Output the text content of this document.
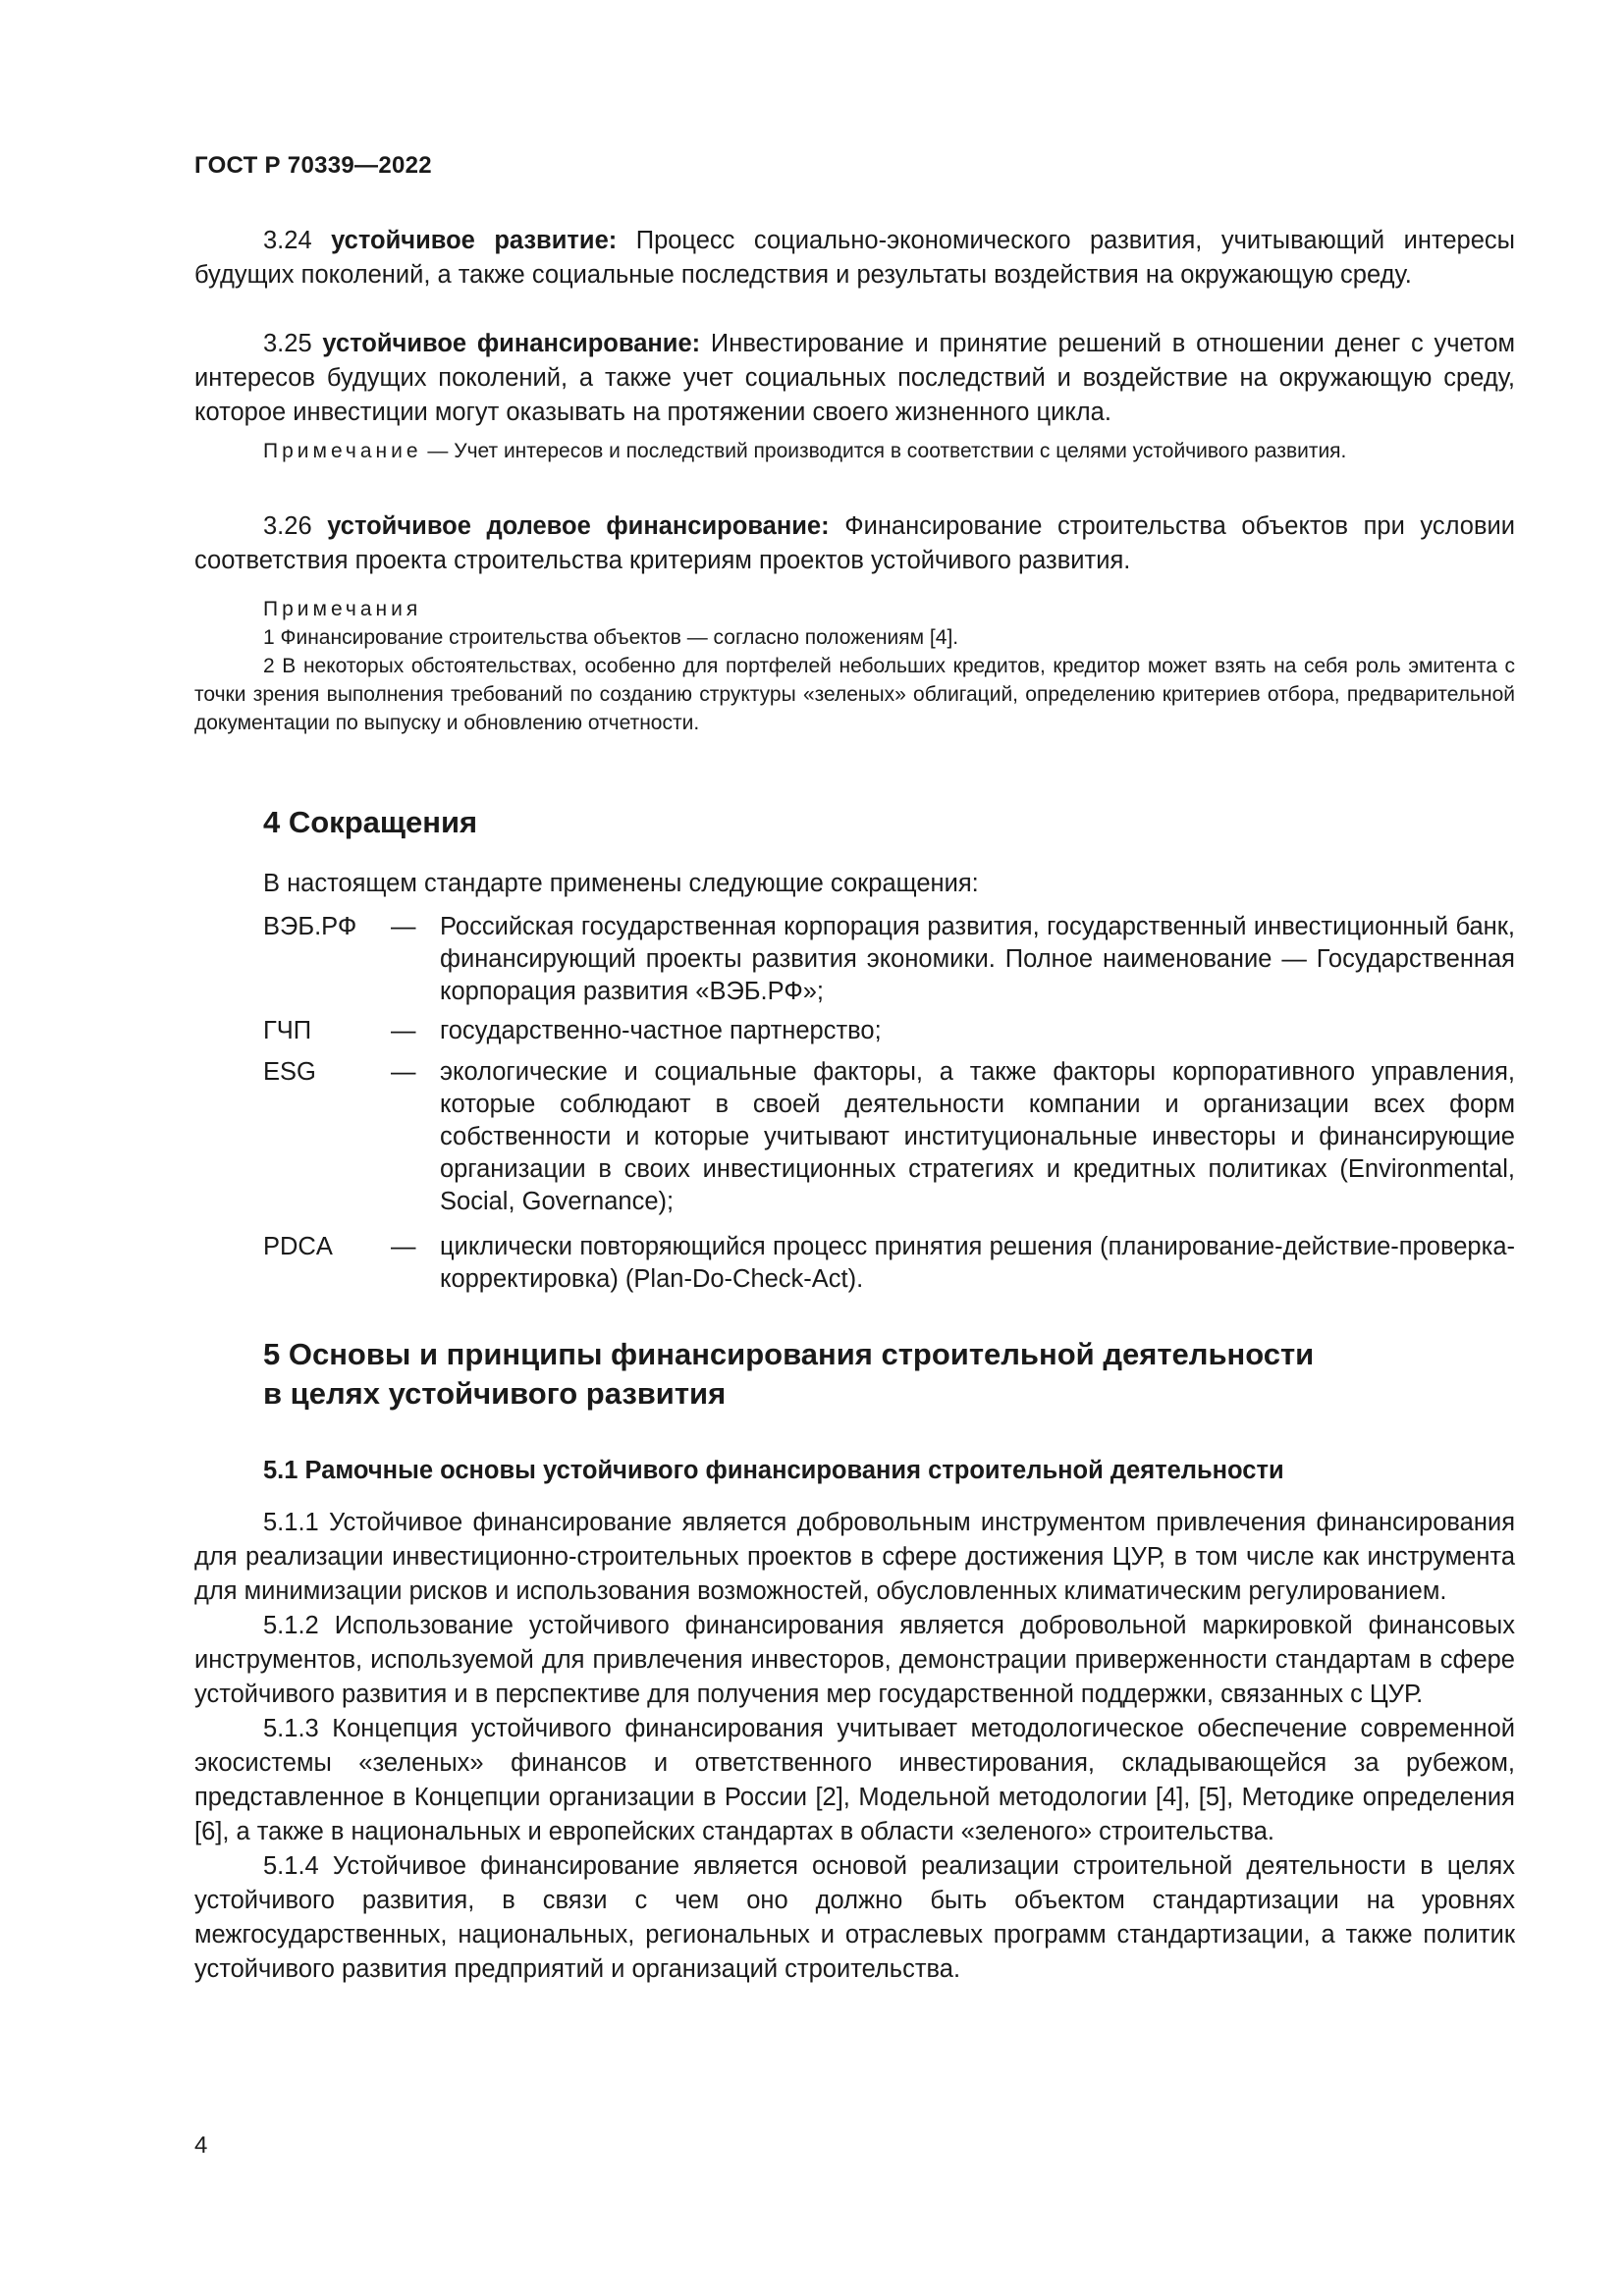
ГОСТ Р 70339—2022

3.24 устойчивое развитие: Процесс социально-экономического развития, учитывающий интересы будущих поколений, а также социальные последствия и результаты воздействия на окружающую среду.

3.25 устойчивое финансирование: Инвестирование и принятие решений в отношении денег с учетом интересов будущих поколений, а также учет социальных последствий и воздействие на окружающую среду, которое инвестиции могут оказывать на протяжении своего жизненного цикла.

Примечание — Учет интересов и последствий производится в соответствии с целями устойчивого развития.

3.26 устойчивое долевое финансирование: Финансирование строительства объектов при условии соответствия проекта строительства критериям проектов устойчивого развития.

Примечания

1 Финансирование строительства объектов — согласно положениям [4].

2 В некоторых обстоятельствах, особенно для портфелей небольших кредитов, кредитор может взять на себя роль эмитента с точки зрения выполнения требований по созданию структуры «зеленых» облигаций, определению критериев отбора, предварительной документации по выпуску и обновлению отчетности.

4 Сокращения

В настоящем стандарте применены следующие сокращения:

ВЭБ.РФ	— Российская государственная корпорация развития, государственный инвестиционный банк, финансирующий проекты развития экономики. Полное наименование — Государственная корпорация развития «ВЭБ.РФ»;
ГЧП	— государственно-частное партнерство;
ESG	— экологические и социальные факторы, а также факторы корпоративного управления, которые соблюдают в своей деятельности компании и организации всех форм собственности и которые учитывают институциональные инвесторы и финансирующие организации в своих инвестиционных стратегиях и кредитных политиках (Environmental, Social, Governance);
PDCA	— циклически повторяющийся процесс принятия решения (планирование-действие-проверка-корректировка) (Plan-Do-Check-Act).
5 Основы и принципы финансирования строительной деятельности
в целях устойчивого развития
5.1 Рамочные основы устойчивого финансирования строительной деятельности

5.1.1 Устойчивое финансирование является добровольным инструментом привлечения финансирования для реализации инвестиционно-строительных проектов в сфере достижения ЦУР, в том числе как инструмента для минимизации рисков и использования возможностей, обусловленных климатическим регулированием.

5.1.2 Использование устойчивого финансирования является добровольной маркировкой финансовых инструментов, используемой для привлечения инвесторов, демонстрации приверженности стандартам в сфере устойчивого развития и в перспективе для получения мер государственной поддержки, связанных с ЦУР.

5.1.3 Концепция устойчивого финансирования учитывает методологическое обеспечение современной экосистемы «зеленых» финансов и ответственного инвестирования, складывающейся за рубежом, представленное в Концепции организации в России [2], Модельной методологии [4], [5], Методике определения [6], а также в национальных и европейских стандартах в области «зеленого» строительства.

5.1.4 Устойчивое финансирование является основой реализации строительной деятельности в целях устойчивого развития, в связи с чем оно должно быть объектом стандартизации на уровнях межгосударственных, национальных, региональных и отраслевых программ стандартизации, а также политик устойчивого развития предприятий и организаций строительства.

4
